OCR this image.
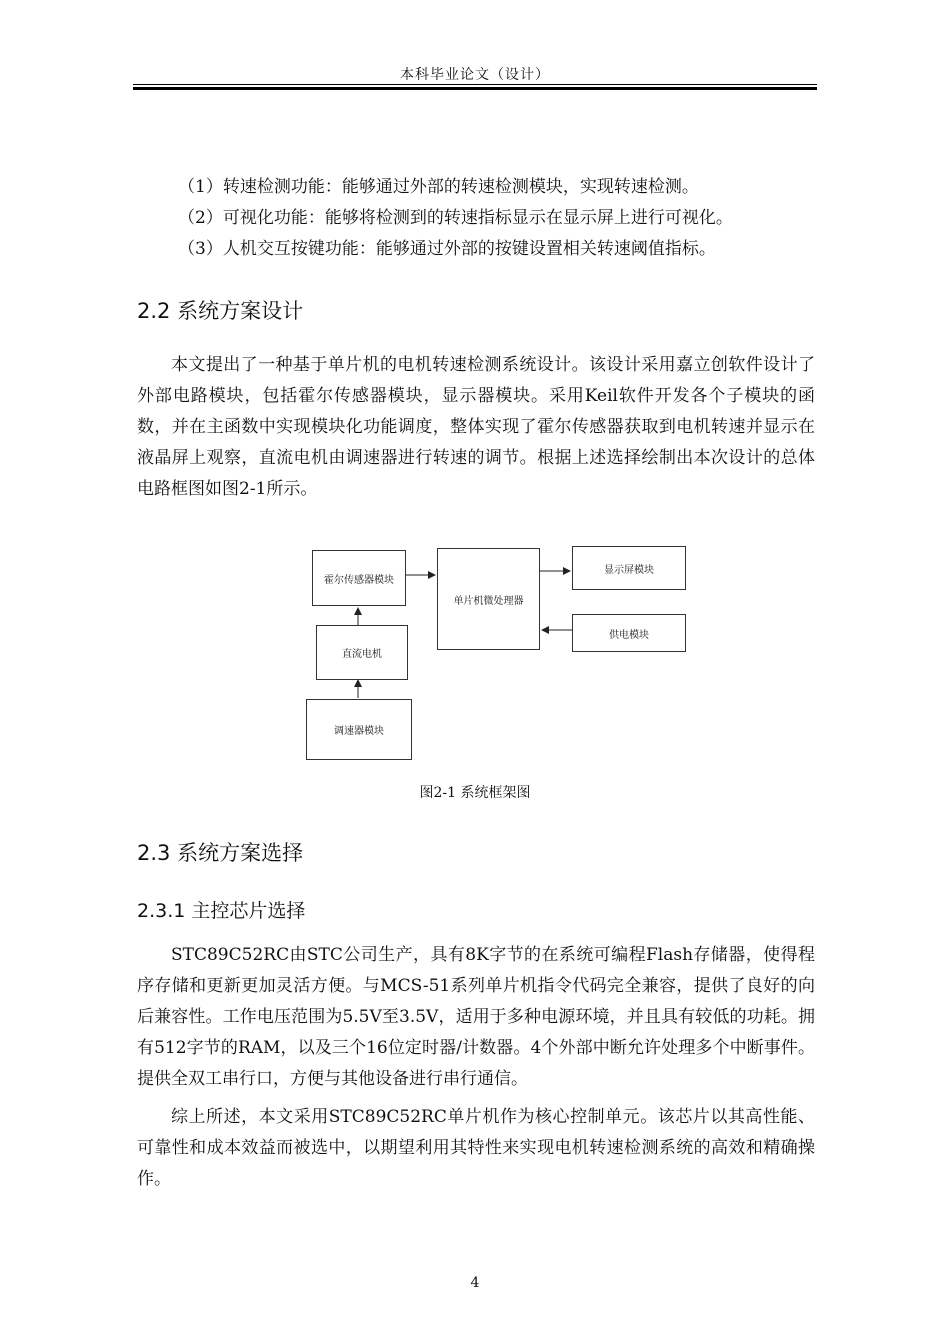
本科毕业论文（设计）
（1）转速检测功能：能够通过外部的转速检测模块，实现转速检测。
（2）可视化功能：能够将检测到的转速指标显示在显示屏上进行可视化。
（3）人机交互按键功能：能够通过外部的按键设置相关转速阈值指标。
2.2 系统方案设计
本文提出了一种基于单片机的电机转速检测系统设计。该设计采用嘉立创软件设计了外部电路模块，包括霍尔传感器模块，显示器模块。采用Keil软件开发各个子模块的函数，并在主函数中实现模块化功能调度，整体实现了霍尔传感器获取到电机转速并显示在液晶屏上观察，直流电机由调速器进行转速的调节。根据上述选择绘制出本次设计的总体电路框图如图2-1所示。
霍尔传感器模块
直流电机
调速器模块
单片机微处理器
显示屏模块
供电模块
图2-1 系统框架图
2.3 系统方案选择
2.3.1 主控芯片选择
STC89C52RC由STC公司生产，具有8K字节的在系统可编程Flash存储器，使得程序存储和更新更加灵活方便。与MCS-51系列单片机指令代码完全兼容，提供了良好的向后兼容性。工作电压范围为5.5V至3.5V，适用于多种电源环境，并且具有较低的功耗。拥有512字节的RAM，以及三个16位定时器/计数器。4个外部中断允许处理多个中断事件。提供全双工串行口，方便与其他设备进行串行通信。
综上所述，本文采用STC89C52RC单片机作为核心控制单元。该芯片以其高性能、可靠性和成本效益而被选中，以期望利用其特性来实现电机转速检测系统的高效和精确操作。
4
